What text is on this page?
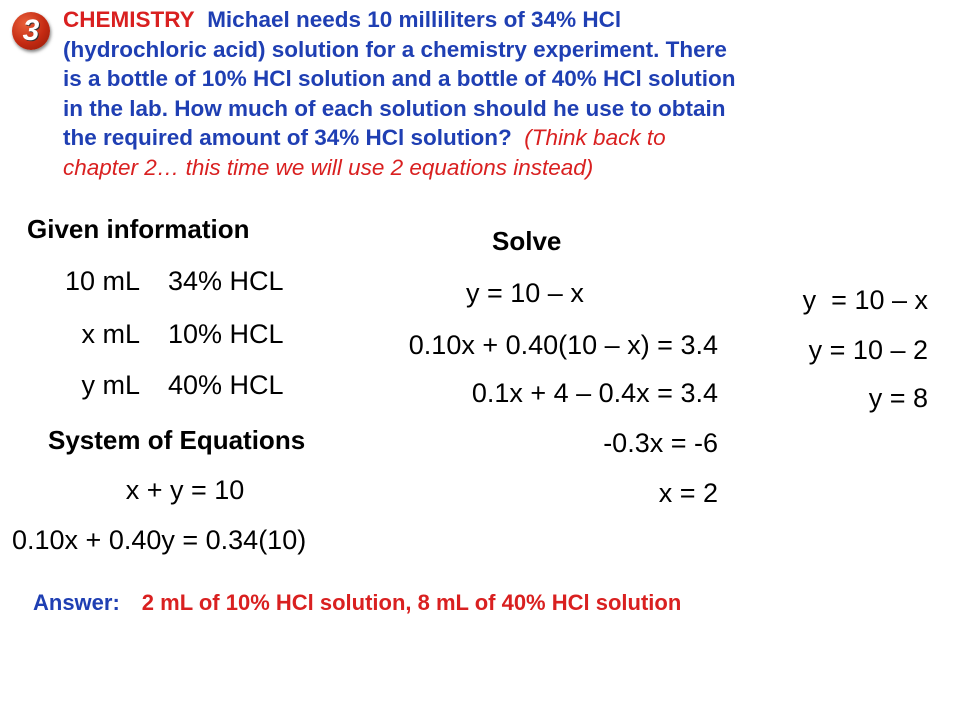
3	CHEMISTRY Michael needs 10 milliliters of 34% HCl
(hydrochloric acid) solution for a chemistry experiment. There
is a bottle of 10% HCl solution and a bottle of 40% HCl solution
in the lab. How much of each solution should he use to obtain
the required amount of 34% HCl solution? (Think back to
chapter 2… this time we will use 2 equations instead)
Given information
10 mL 34% HCL
x mL 10% HCL
y mL 40% HCL
System of Equations
x + y = 10
0.10x + 0.40y = 0.34(10)
Solve
y = 10 – x
0.10x + 0.40(10 – x) = 3.4
0.1x + 4 – 0.4x = 3.4
-0.3x = -6
x = 2
y  = 10 – x
y = 10 – 2
y = 8
Answer: 2 mL of 10% HCl solution, 8 mL of 40% HCl solution
